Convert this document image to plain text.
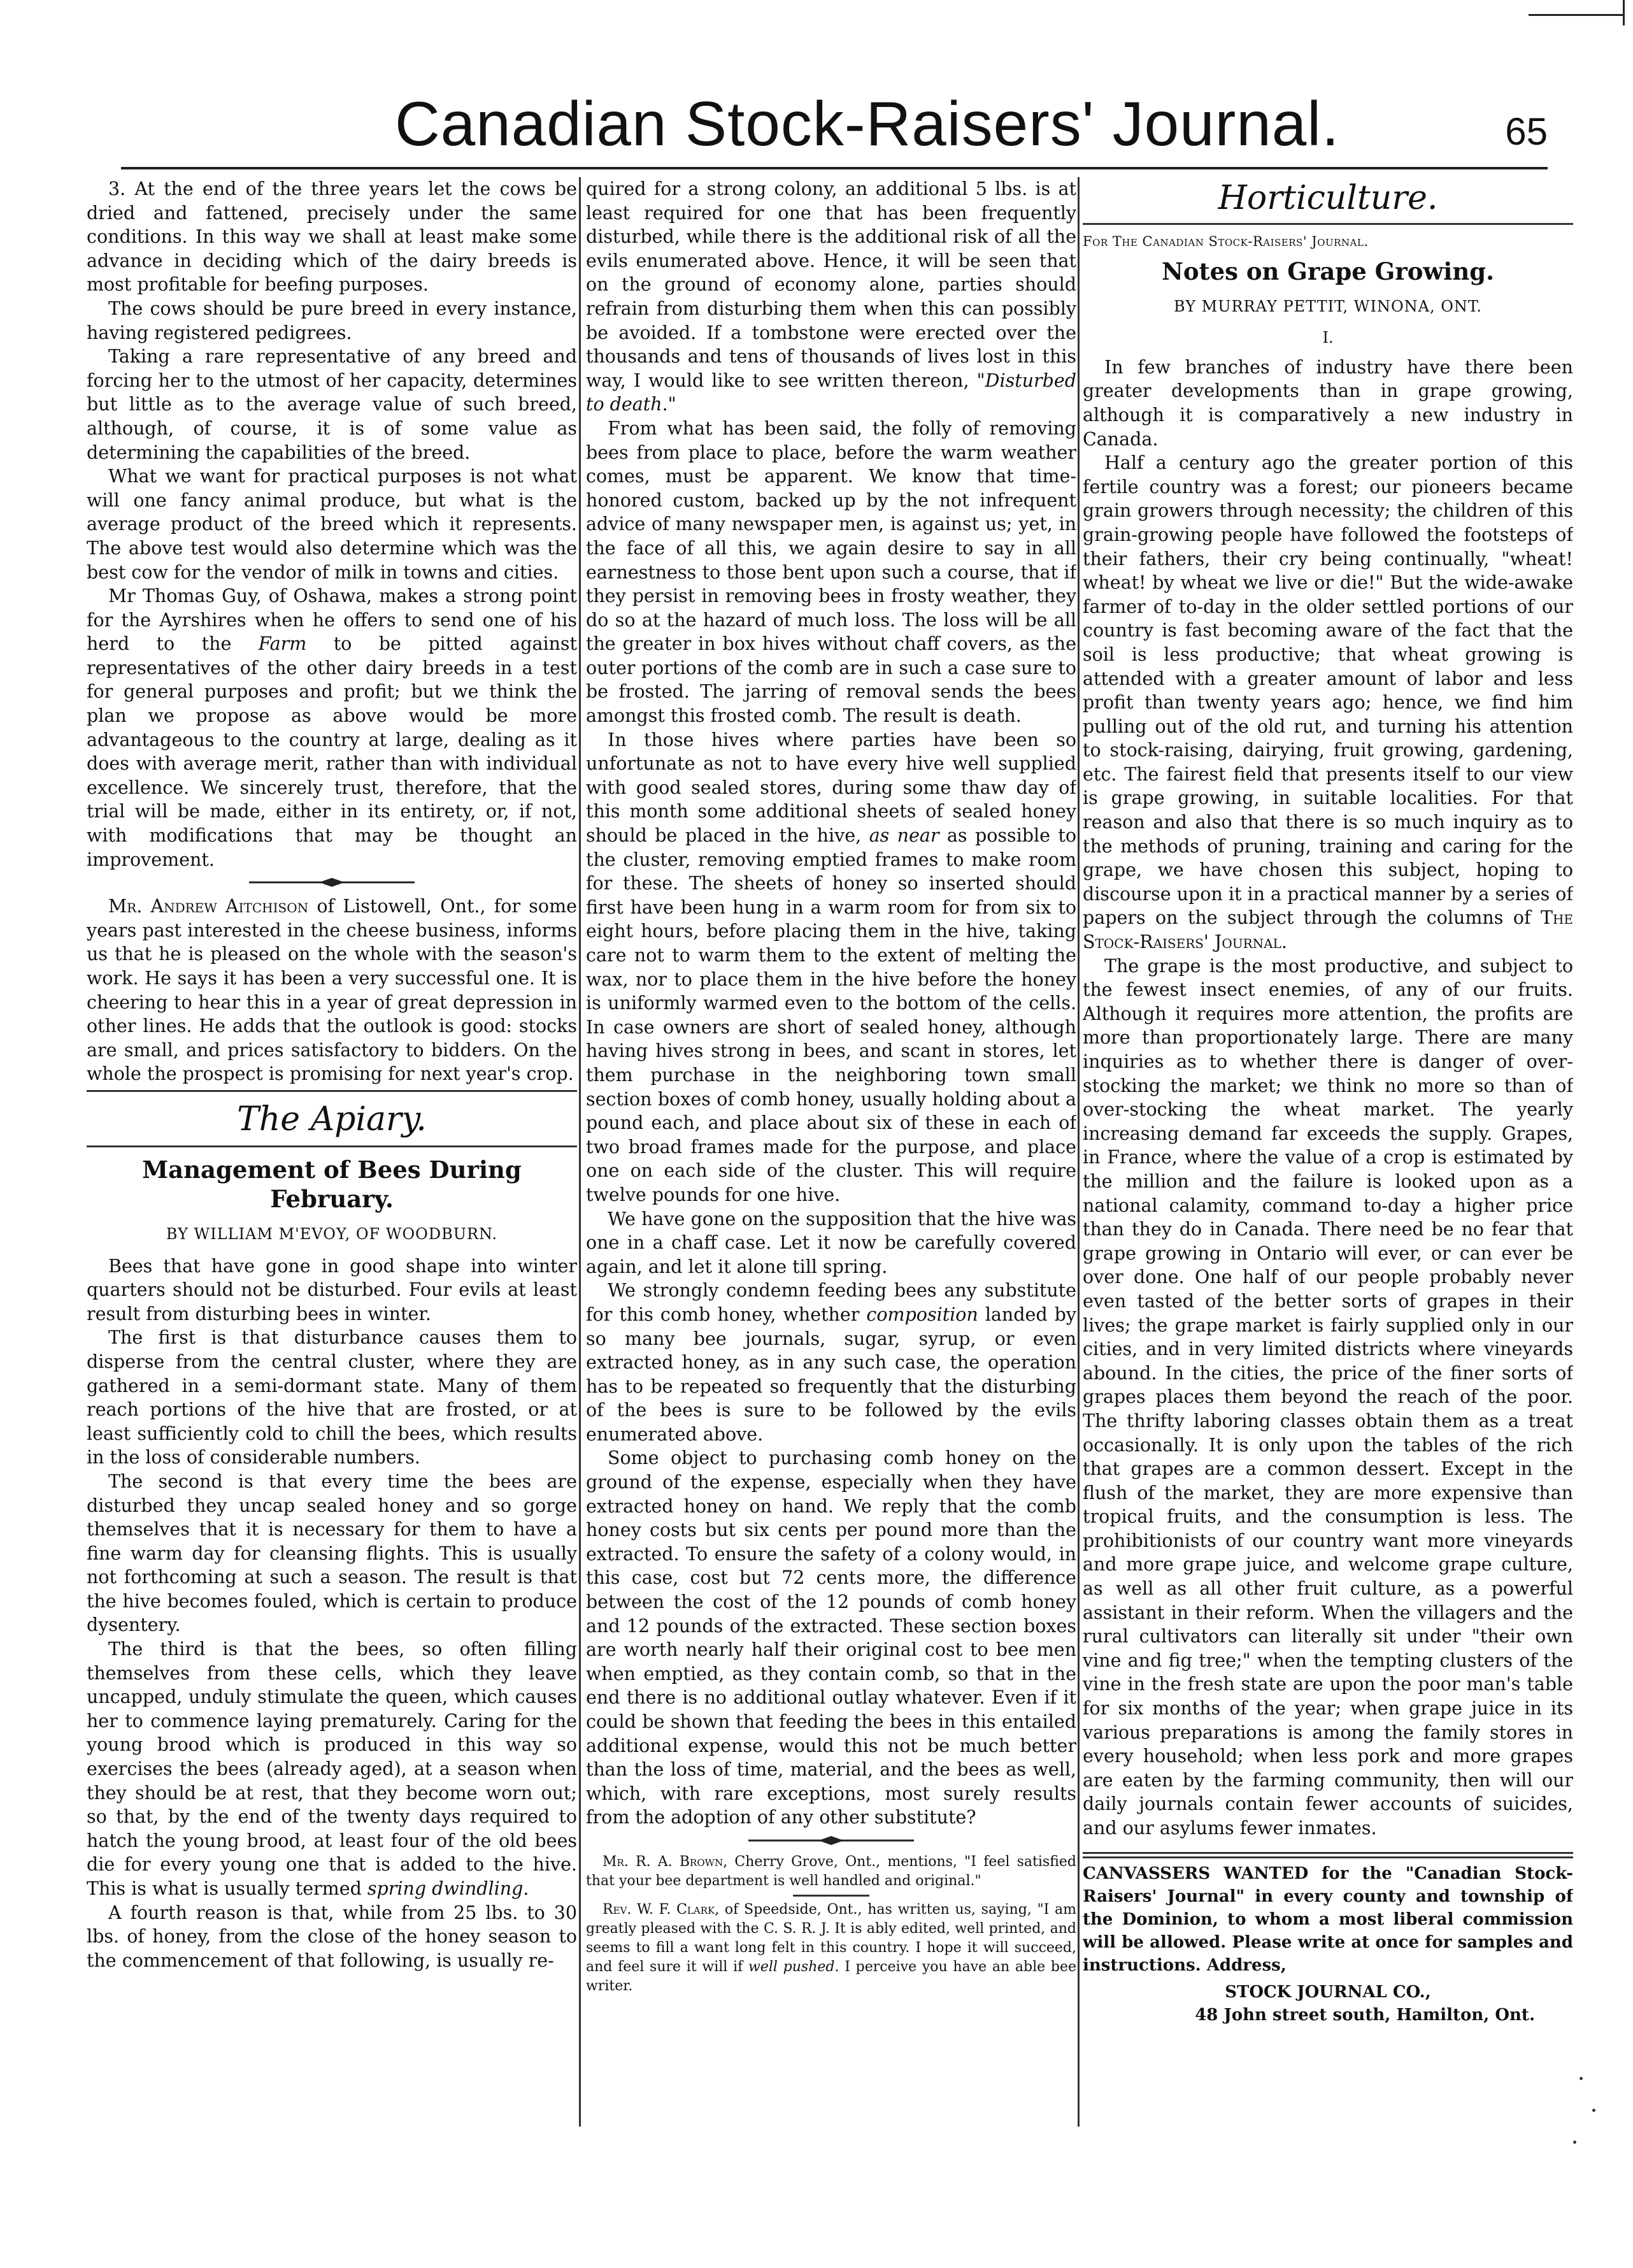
Canadian Stock-Raisers' Journal.	65

3. At the end of the three years let the cows be dried and fattened, precisely under the same conditions. In this way we shall at least make some advance in deciding which of the dairy breeds is most profitable for beefing purposes.

The cows should be pure breed in every instance, having registered pedigrees.

Taking a rare representative of any breed and forcing her to the utmost of her capacity, determines but little as to the average value of such breed, although, of course, it is of some value as determining the capabilities of the breed.

What we want for practical purposes is not what will one fancy animal produce, but what is the average product of the breed which it represents. The above test would also determine which was the best cow for the vendor of milk in towns and cities.

Mr Thomas Guy, of Oshawa, makes a strong point for the Ayrshires when he offers to send one of his herd to the Farm to be pitted against representatives of the other dairy breeds in a test for general purposes and profit; but we think the plan we propose as above would be more advantageous to the country at large, dealing as it does with average merit, rather than with individual excellence. We sincerely trust, therefore, that the trial will be made, either in its entirety, or, if not, with modifications that may be thought an improvement.

Mr. Andrew Aitchison of Listowell, Ont., for some years past interested in the cheese business, informs us that he is pleased on the whole with the season's work. He says it has been a very successful one. It is cheering to hear this in a year of great depression in other lines. He adds that the outlook is good: stocks are small, and prices satisfactory to bidders. On the whole the prospect is promising for next year's crop.

The Apiary.
Management of Bees During February.
BY WILLIAM M'EVOY, OF WOODBURN.

Bees that have gone in good shape into winter quarters should not be disturbed. Four evils at least result from disturbing bees in winter.

The first is that disturbance causes them to disperse from the central cluster, where they are gathered in a semi-dormant state. Many of them reach portions of the hive that are frosted, or at least sufficiently cold to chill the bees, which results in the loss of considerable numbers.

The second is that every time the bees are disturbed they uncap sealed honey and so gorge themselves that it is necessary for them to have a fine warm day for cleansing flights. This is usually not forthcoming at such a season. The result is that the hive becomes fouled, which is certain to produce dysentery.

The third is that the bees, so often filling themselves from these cells, which they leave uncapped, unduly stimulate the queen, which causes her to commence laying prematurely. Caring for the young brood which is produced in this way so exercises the bees (already aged), at a season when they should be at rest, that they become worn out; so that, by the end of the twenty days required to hatch the young brood, at least four of the old bees die for every young one that is added to the hive. This is what is usually termed spring dwindling.

A fourth reason is that, while from 25 lbs. to 30 lbs. of honey, from the close of the honey season to the commencement of that following, is usually re-

quired for a strong colony, an additional 5 lbs. is at least required for one that has been frequently disturbed, while there is the additional risk of all the evils enumerated above. Hence, it will be seen that on the ground of economy alone, parties should refrain from disturbing them when this can possibly be avoided. If a tombstone were erected over the thousands and tens of thousands of lives lost in this way, I would like to see written thereon, "Disturbed to death."

From what has been said, the folly of removing bees from place to place, before the warm weather comes, must be apparent. We know that time-honored custom, backed up by the not infrequent advice of many newspaper men, is against us; yet, in the face of all this, we again desire to say in all earnestness to those bent upon such a course, that if they persist in removing bees in frosty weather, they do so at the hazard of much loss. The loss will be all the greater in box hives without chaff covers, as the outer portions of the comb are in such a case sure to be frosted. The jarring of removal sends the bees amongst this frosted comb. The result is death.

In those hives where parties have been so unfortunate as not to have every hive well supplied with good sealed stores, during some thaw day of this month some additional sheets of sealed honey should be placed in the hive, as near as possible to the cluster, removing emptied frames to make room for these. The sheets of honey so inserted should first have been hung in a warm room for from six to eight hours, before placing them in the hive, taking care not to warm them to the extent of melting the wax, nor to place them in the hive before the honey is uniformly warmed even to the bottom of the cells. In case owners are short of sealed honey, although having hives strong in bees, and scant in stores, let them purchase in the neighboring town small section boxes of comb honey, usually holding about a pound each, and place about six of these in each of two broad frames made for the purpose, and place one on each side of the cluster. This will require twelve pounds for one hive.

We have gone on the supposition that the hive was one in a chaff case. Let it now be carefully covered again, and let it alone till spring.

We strongly condemn feeding bees any substitute for this comb honey, whether composition landed by so many bee journals, sugar, syrup, or even extracted honey, as in any such case, the operation has to be repeated so frequently that the disturbing of the bees is sure to be followed by the evils enumerated above.

Some object to purchasing comb honey on the ground of the expense, especially when they have extracted honey on hand. We reply that the comb honey costs but six cents per pound more than the extracted. To ensure the safety of a colony would, in this case, cost but 72 cents more, the difference between the cost of the 12 pounds of comb honey and 12 pounds of the extracted. These section boxes are worth nearly half their original cost to bee men when emptied, as they contain comb, so that in the end there is no additional outlay whatever. Even if it could be shown that feeding the bees in this entailed additional expense, would this not be much better than the loss of time, material, and the bees as well, which, with rare exceptions, most surely results from the adoption of any other substitute?

Mr. R. A. Brown, Cherry Grove, Ont., mentions, "I feel satisfied that your bee department is well handled and original."

Rev. W. F. Clark, of Speedside, Ont., has written us, saying, "I am greatly pleased with the C. S. R. J. It is ably edited, well printed, and seems to fill a want long felt in this country. I hope it will succeed, and feel sure it will if well pushed. I perceive you have an able bee writer.

Horticulture.
For The Canadian Stock-Raisers' Journal.
Notes on Grape Growing.
BY MURRAY PETTIT, WINONA, ONT.
I.

In few branches of industry have there been greater developments than in grape growing, although it is comparatively a new industry in Canada.

Half a century ago the greater portion of this fertile country was a forest; our pioneers became grain growers through necessity; the children of this grain-growing people have followed the footsteps of their fathers, their cry being continually, "wheat! wheat! by wheat we live or die!" But the wide-awake farmer of to-day in the older settled portions of our country is fast becoming aware of the fact that the soil is less productive; that wheat growing is attended with a greater amount of labor and less profit than twenty years ago; hence, we find him pulling out of the old rut, and turning his attention to stock-raising, dairying, fruit growing, gardening, etc. The fairest field that presents itself to our view is grape growing, in suitable localities. For that reason and also that there is so much inquiry as to the methods of pruning, training and caring for the grape, we have chosen this subject, hoping to discourse upon it in a practical manner by a series of papers on the subject through the columns of The Stock-Raisers' Journal.

The grape is the most productive, and subject to the fewest insect enemies, of any of our fruits. Although it requires more attention, the profits are more than proportionately large. There are many inquiries as to whether there is danger of over-stocking the market; we think no more so than of over-stocking the wheat market. The yearly increasing demand far exceeds the supply. Grapes, in France, where the value of a crop is estimated by the million and the failure is looked upon as a national calamity, command to-day a higher price than they do in Canada. There need be no fear that grape growing in Ontario will ever, or can ever be over done. One half of our people probably never even tasted of the better sorts of grapes in their lives; the grape market is fairly supplied only in our cities, and in very limited districts where vineyards abound. In the cities, the price of the finer sorts of grapes places them beyond the reach of the poor. The thrifty laboring classes obtain them as a treat occasionally. It is only upon the tables of the rich that grapes are a common dessert. Except in the flush of the market, they are more expensive than tropical fruits, and the consumption is less. The prohibitionists of our country want more vineyards and more grape juice, and welcome grape culture, as well as all other fruit culture, as a powerful assistant in their reform. When the villagers and the rural cultivators can literally sit under "their own vine and fig tree;" when the tempting clusters of the vine in the fresh state are upon the poor man's table for six months of the year; when grape juice in its various preparations is among the family stores in every household; when less pork and more grapes are eaten by the farming community, then will our daily journals contain fewer accounts of suicides, and our asylums fewer inmates.

CANVASSERS WANTED for the "Canadian Stock-Raisers' Journal" in every county and township of the Dominion, to whom a most liberal commission will be allowed. Please write at once for samples and instructions. Address,

STOCK JOURNAL CO.,

48 John street south, Hamilton, Ont.
